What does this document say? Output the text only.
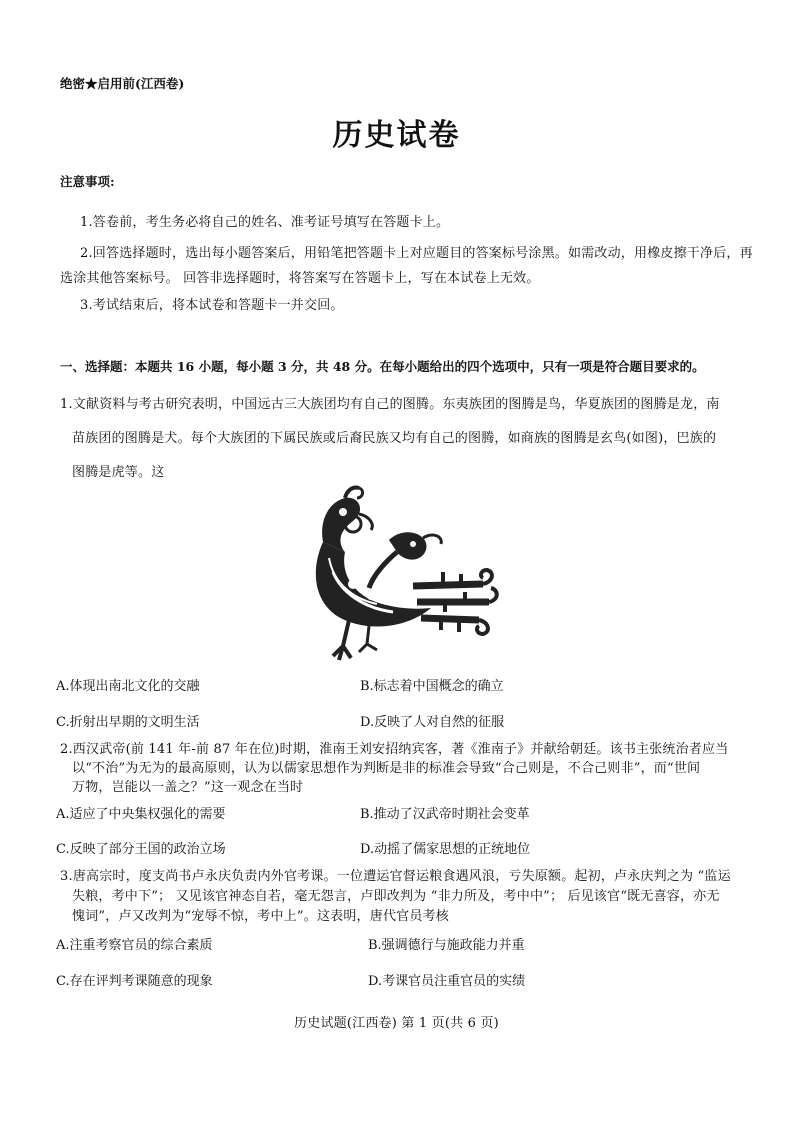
绝密★启用前(江西卷)
历史试卷
注意事项:
1.答卷前，考生务必将自己的姓名、准考证号填写在答题卡上。
2.回答选择题时，选出每小题答案后，用铅笔把答题卡上对应题目的答案标号涂黑。如需改动，用橡皮擦干净后，再
选涂其他答案标号。 回答非选择题时，将答案写在答题卡上，写在本试卷上无效。
3.考试结束后，将本试卷和答题卡一并交回。
一、选择题：本题共 16 小题，每小题 3 分，共 48 分。在每小题给出的四个选项中，只有一项是符合题目要求的。
1.文献资料与考古研究表明，中国远古三大族团均有自己的图腾。东夷族团的图腾是鸟，华夏族团的图腾是龙，南
苗族团的图腾是犬。每个大族团的下属民族或后裔民族又均有自己的图腾，如商族的图腾是玄鸟(如图)，巴族的
图腾是虎等。这
A.体现出南北文化的交融	B.标志着中国概念的确立
C.折射出早期的文明生活	D.反映了人对自然的征服
2.西汉武帝(前 141 年-前 87 年在位)时期，淮南王刘安招纳宾客，著《淮南子》并献给朝廷。该书主张统治者应当
以“不治”为无为的最高原则，认为以儒家思想作为判断是非的标准会导致“合己则是，不合己则非”，而“世间
万物，岂能以一盖之？”这一观念在当时
A.适应了中央集权强化的需要	B.推动了汉武帝时期社会变革
C.反映了部分王国的政治立场	D.动摇了儒家思想的正统地位
3.唐高宗时，度支尚书卢永庆负责内外官考课。一位遭运官督运粮食遇风浪，亏失原额。起初，卢永庆判之为 “监运
失粮，考中下”； 又见该官神态自若，毫无怨言，卢即改判为 “非力所及，考中中”； 后见该官“既无喜容，亦无
愧词”，卢又改判为“宠辱不惊，考中上”。这表明，唐代官员考核
A.注重考察官员的综合素质	B.强调德行与施政能力并重
C.存在评判考课随意的现象	D.考课官员注重官员的实绩
历史试题(江西卷) 第 1 页(共 6 页)
